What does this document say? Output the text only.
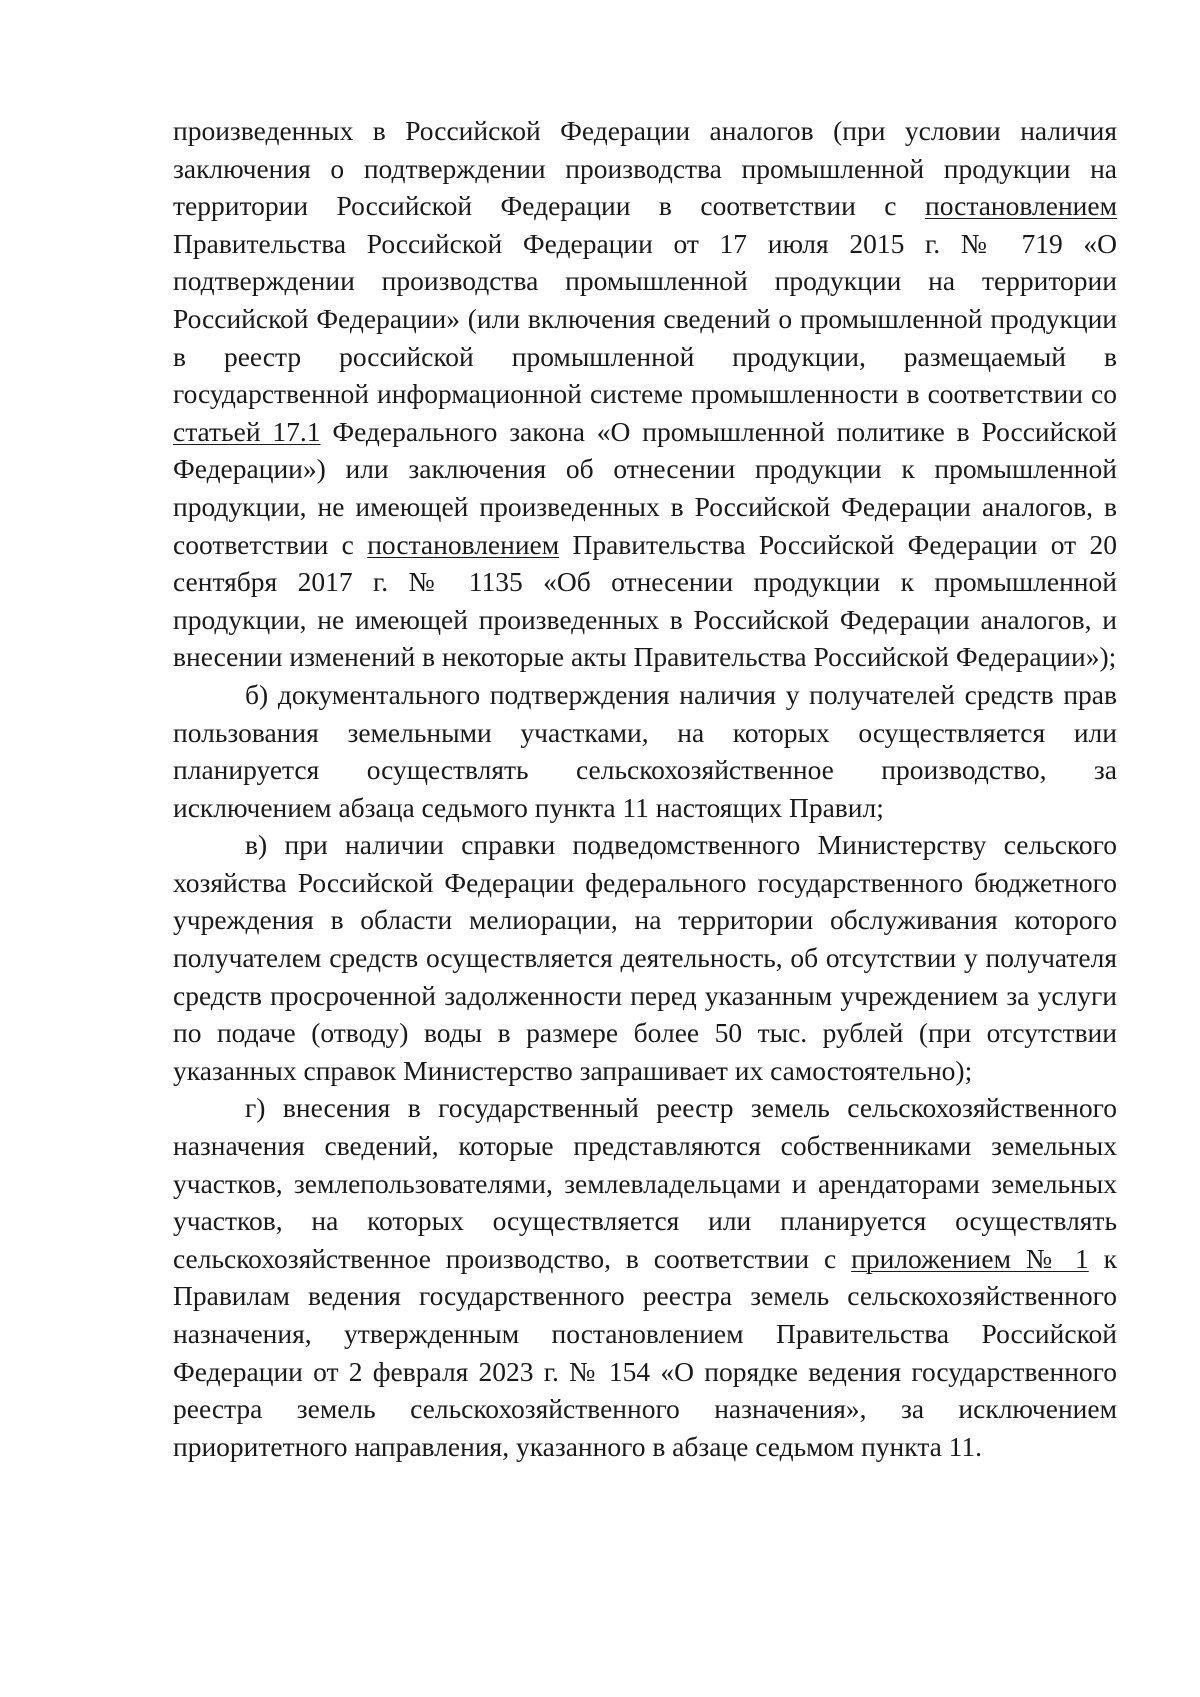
произведенных в Российской Федерации аналогов (при условии наличия заключения о подтверждении производства промышленной продукции на территории Российской Федерации в соответствии с постановлением Правительства Российской Федерации от 17 июля 2015 г. № 719 «О подтверждении производства промышленной продукции на территории Российской Федерации» (или включения сведений о промышленной продукции в реестр российской промышленной продукции, размещаемый в государственной информационной системе промышленности в соответствии со статьей 17.1 Федерального закона «О промышленной политике в Российской Федерации») или заключения об отнесении продукции к промышленной продукции, не имеющей произведенных в Российской Федерации аналогов, в соответствии с постановлением Правительства Российской Федерации от 20 сентября 2017 г. № 1135 «Об отнесении продукции к промышленной продукции, не имеющей произведенных в Российской Федерации аналогов, и внесении изменений в некоторые акты Правительства Российской Федерации»);

б) документального подтверждения наличия у получателей средств прав пользования земельными участками, на которых осуществляется или планируется осуществлять сельскохозяйственное производство, за исключением абзаца седьмого пункта 11 настоящих Правил;

в) при наличии справки подведомственного Министерству сельского хозяйства Российской Федерации федерального государственного бюджетного учреждения в области мелиорации, на территории обслуживания которого получателем средств осуществляется деятельность, об отсутствии у получателя средств просроченной задолженности перед указанным учреждением за услуги по подаче (отводу) воды в размере более 50 тыс. рублей (при отсутствии указанных справок Министерство запрашивает их самостоятельно);

г) внесения в государственный реестр земель сельскохозяйственного назначения сведений, которые представляются собственниками земельных участков, землепользователями, землевладельцами и арендаторами земельных участков, на которых осуществляется или планируется осуществлять сельскохозяйственное производство, в соответствии с приложением № 1 к Правилам ведения государственного реестра земель сельскохозяйственного назначения, утвержденным постановлением Правительства Российской Федерации от 2 февраля 2023 г. № 154 «О порядке ведения государственного реестра земель сельскохозяйственного назначения», за исключением приоритетного направления, указанного в абзаце седьмом пункта 11.
